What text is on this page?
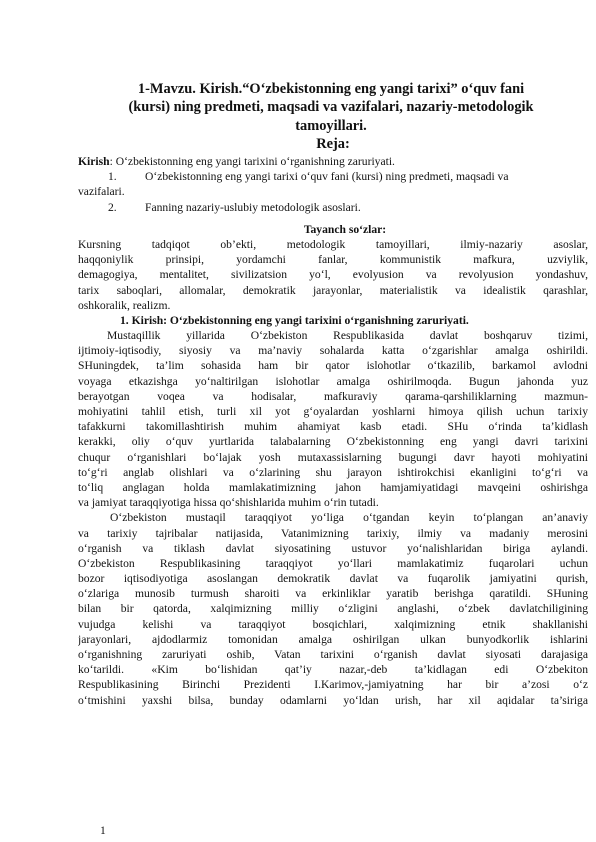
1-Mavzu. Kirish.“O‘zbekistonning eng yangi tarixi” o‘quv fani
(kursi) ning predmeti, maqsadi va vazifalari, nazariy-metodologik
tamoyillari.
Reja:
Kirish: O‘zbekistonning eng yangi tarixini o‘rganishning zaruriyati.
1. O‘zbekistonning eng yangi tarixi o‘quv fani (kursi) ning predmeti, maqsadi va
vazifalari.
2. Fanning nazariy-uslubiy metodologik asoslari.
Tayanch so‘zlar:
Kursning tadqiqot ob’ekti, metodologik tamoyillari, ilmiy-nazariy asoslar,
haqqoniylik prinsipi, yordamchi fanlar, kommunistik mafkura, uzviylik,
demagogiya, mentalitet, sivilizatsion yo‘l, evolyusion va revolyusion yondashuv,
tarix saboqlari, allomalar, demokratik jarayonlar, materialistik va idealistik qarashlar,
oshkoralik, realizm.
1. Kirish: O‘zbekistonning eng yangi tarixini o‘rganishning zaruriyati.
Mustaqillik yillarida O‘zbekiston Respublikasida davlat boshqaruv tizimi,
ijtimoiy-iqtisodiy, siyosiy va ma’naviy sohalarda katta o‘zgarishlar amalga oshirildi.
SHuningdek, ta’lim sohasida ham bir qator islohotlar o‘tkazilib, barkamol avlodni
voyaga etkazishga yo‘naltirilgan islohotlar amalga oshirilmoqda. Bugun jahonda yuz
berayotgan voqea va hodisalar, mafkuraviy qarama-qarshiliklarning mazmun-
mohiyatini tahlil etish, turli xil yot g‘oyalardan yoshlarni himoya qilish uchun tarixiy
tafakkurni takomillashtirish muhim ahamiyat kasb etadi. SHu o‘rinda ta’kidlash
kerakki, oliy o‘quv yurtlarida talabalarning O‘zbekistonning eng yangi davri tarixini
chuqur o‘rganishlari bo‘lajak yosh mutaxassislarning bugungi davr hayoti mohiyatini
to‘g‘ri anglab olishlari va o‘zlarining shu jarayon ishtirokchisi ekanligini to‘g‘ri va
to‘liq anglagan holda mamlakatimizning jahon hamjamiyatidagi mavqeini oshirishga
va jamiyat taraqqiyotiga hissa qo‘shishlarida muhim o‘rin tutadi.
O‘zbekiston mustaqil taraqqiyot yo‘liga o‘tgandan keyin to‘plangan an’anaviy
va tarixiy tajribalar natijasida, Vatanimizning tarixiy, ilmiy va madaniy merosini
o‘rganish va tiklash davlat siyosatining ustuvor yo‘nalishlaridan biriga aylandi.
O‘zbekiston Respublikasining taraqqiyot yo‘llari mamlakatimiz fuqarolari uchun
bozor iqtisodiyotiga asoslangan demokratik davlat va fuqarolik jamiyatini qurish,
o‘zlariga munosib turmush sharoiti va erkinliklar yaratib berishga qaratildi. SHuning
bilan bir qatorda, xalqimizning milliy o‘zligini anglashi, o‘zbek davlatchiligining
vujudga kelishi va taraqqiyot bosqichlari, xalqimizning etnik shakllanishi
jarayonlari, ajdodlarmiz tomonidan amalga oshirilgan ulkan bunyodkorlik ishlarini
o‘rganishning zaruriyati oshib, Vatan tarixini o‘rganish davlat siyosati darajasiga
ko‘tarildi. «Kim bo‘lishidan qat’iy nazar,-deb ta’kidlagan edi O‘zbekiton
Respublikasining Birinchi Prezidenti I.Karimov,-jamiyatning har bir a’zosi o‘z
o‘tmishini yaxshi bilsa, bunday odamlarni yo‘ldan urish, har xil aqidalar ta’siriga
1
